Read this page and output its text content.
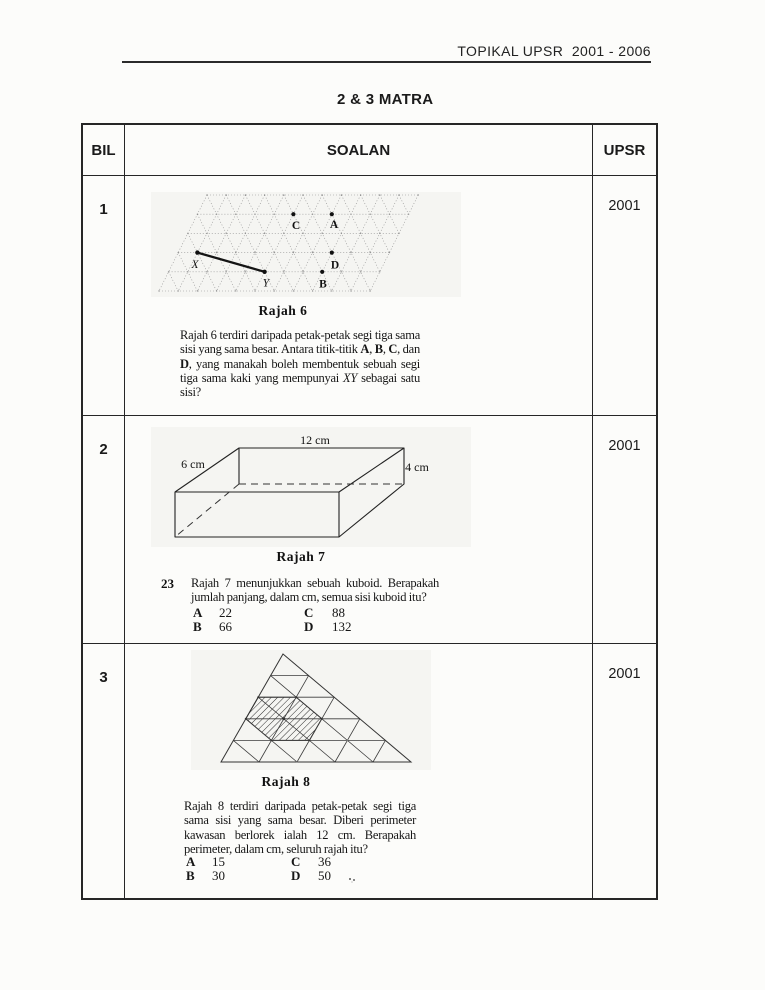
TOPIKAL UPSR  2001 - 2006
2 & 3 MATRA
BIL	SOALAN	UPSR
1
C	A
X	D
Y	B
Rajah 6
Rajah 6 terdiri daripada petak-petak segi tiga sama sisi yang sama besar. Antara titik-titik A, B, C, dan D, yang manakah boleh membentuk sebuah segi tiga sama kaki yang mempunyai XY sebagai satu sisi?
2001
2
12 cm
6 cm	4 cm
Rajah 7
23 Rajah 7 menunjukkan sebuah kuboid. Berapakah jumlah panjang, dalam cm, semua sisi kuboid itu?
A	22	C	88
B	66	D	132
2001
3
Rajah 8
Rajah 8 terdiri daripada petak-petak segi tiga sama sisi yang sama besar. Diberi perimeter kawasan berlorek ialah 12 cm. Berapakah perimeter, dalam cm, seluruh rajah itu?
A	15	C	36
B	30	D	50
2001
